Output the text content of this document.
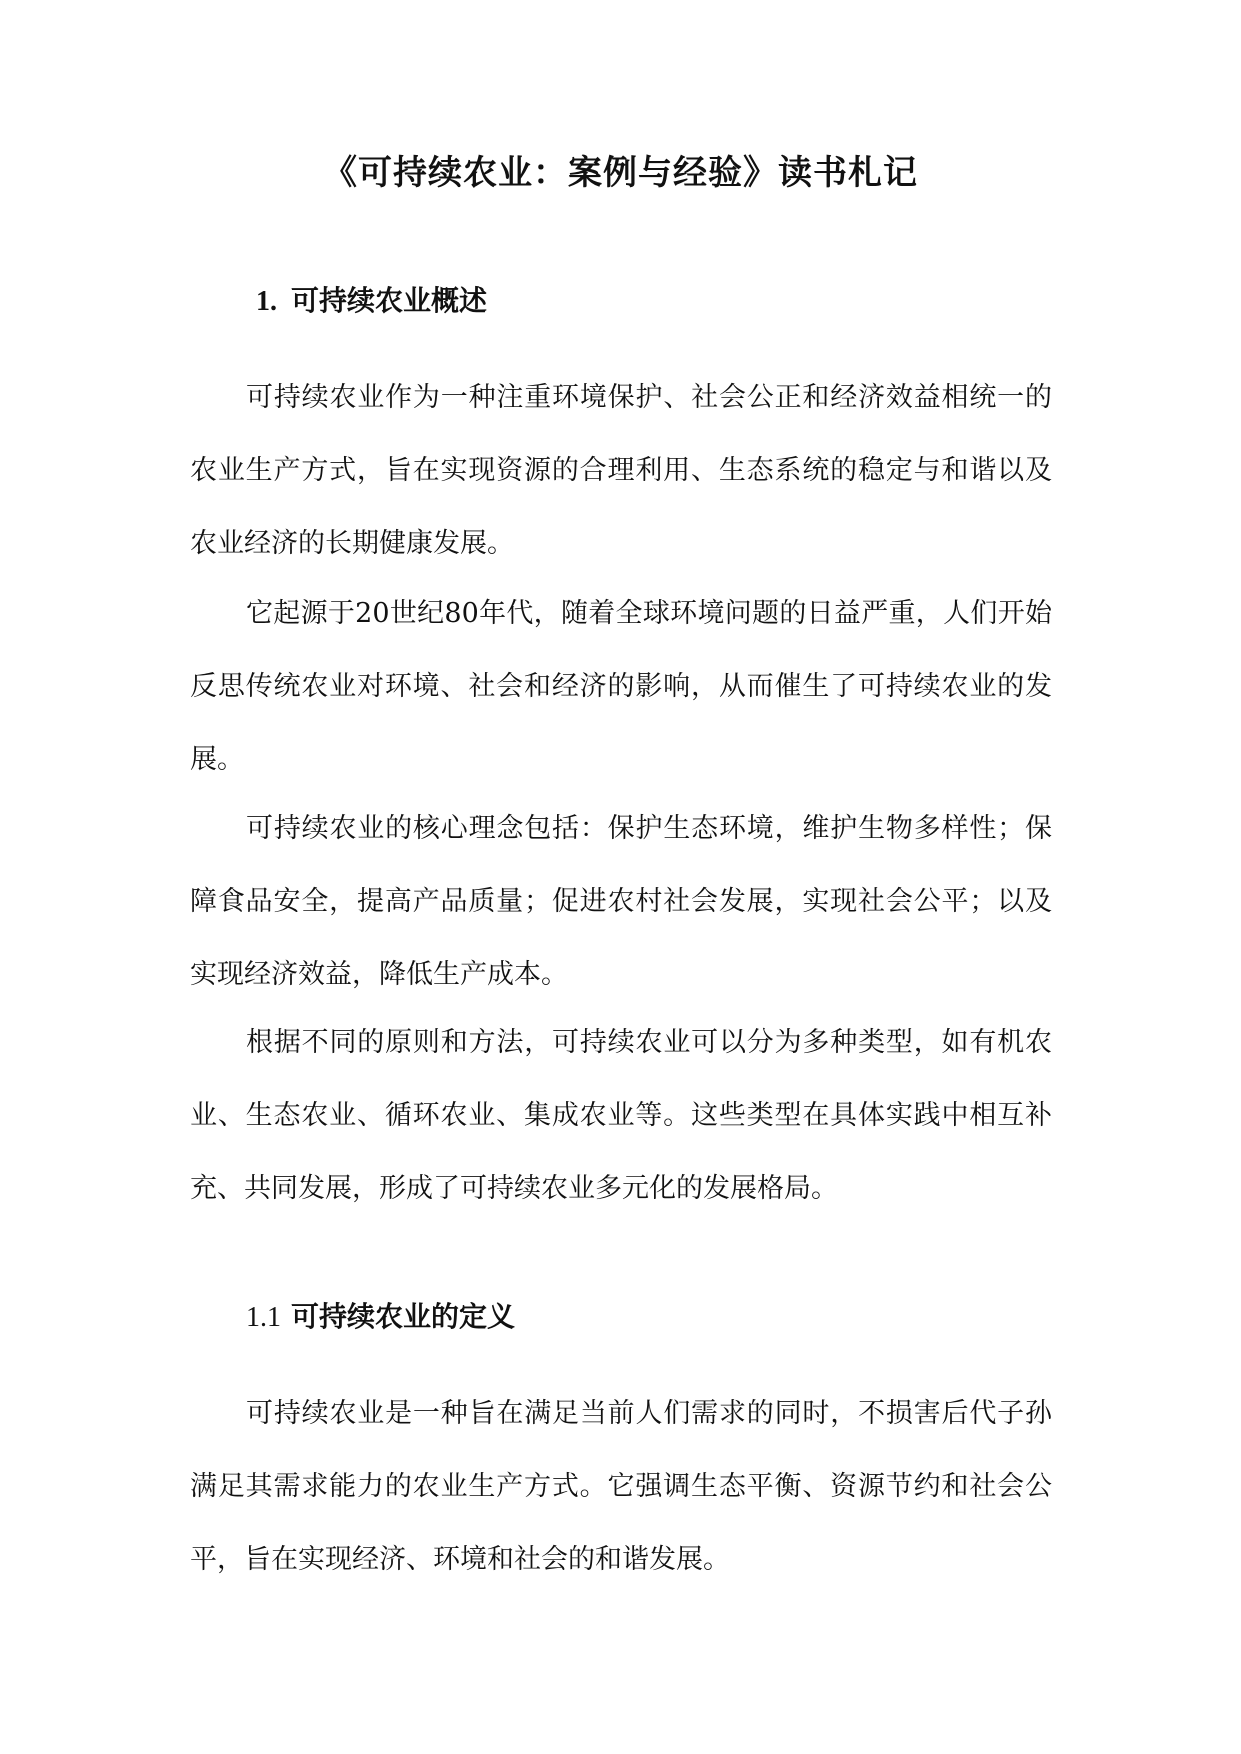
《可持续农业：案例与经验》读书札记
1. 可持续农业概述

可持续农业作为一种注重环境保护、社会公正和经济效益相统一的农业生产方式，旨在实现资源的合理利用、生态系统的稳定与和谐以及农业经济的长期健康发展。

它起源于20世纪80年代，随着全球环境问题的日益严重，人们开始反思传统农业对环境、社会和经济的影响，从而催生了可持续农业的发展。

可持续农业的核心理念包括：保护生态环境，维护生物多样性；保障食品安全，提高产品质量；促进农村社会发展，实现社会公平；以及实现经济效益，降低生产成本。

根据不同的原则和方法，可持续农业可以分为多种类型，如有机农业、生态农业、循环农业、集成农业等。这些类型在具体实践中相互补充、共同发展，形成了可持续农业多元化的发展格局。

1.1 可持续农业的定义

可持续农业是一种旨在满足当前人们需求的同时，不损害后代子孙满足其需求能力的农业生产方式。它强调生态平衡、资源节约和社会公平，旨在实现经济、环境和社会的和谐发展。
